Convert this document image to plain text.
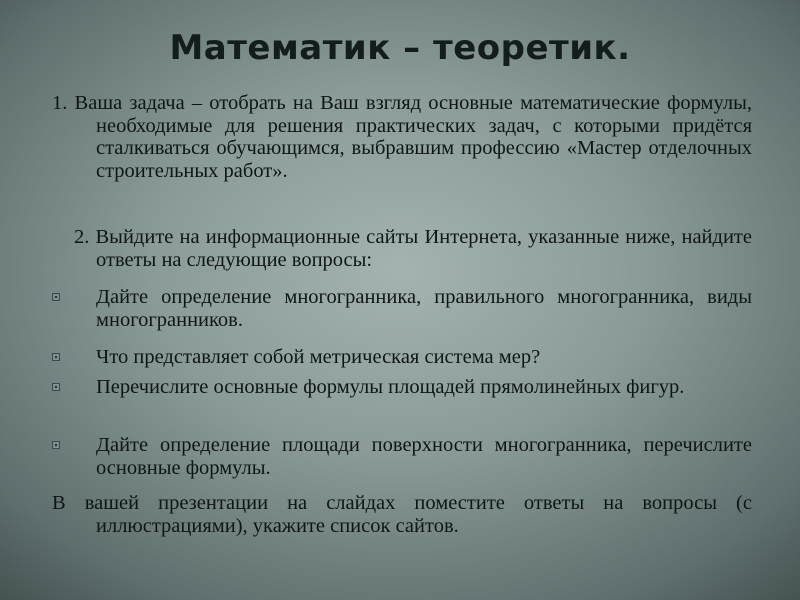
Математик – теоретик.
1. Ваша задача – отобрать на Ваш взгляд основные математические формулы, необходимые для решения практических задач, с которыми придётся сталкиваться обучающимся, выбравшим профессию «Мастер отделочных строительных работ».
2. Выйдите на информационные сайты Интернета, указанные ниже, найдите ответы на следующие вопросы:
Дайте определение многогранника, правильного многогранника, виды многогранников.
Что представляет собой метрическая система мер?
Перечислите основные формулы площадей прямолинейных фигур.
Дайте определение площади поверхности многогранника, перечислите основные формулы.
В вашей презентации на слайдах поместите ответы на вопросы (с иллюстрациями), укажите список сайтов.
